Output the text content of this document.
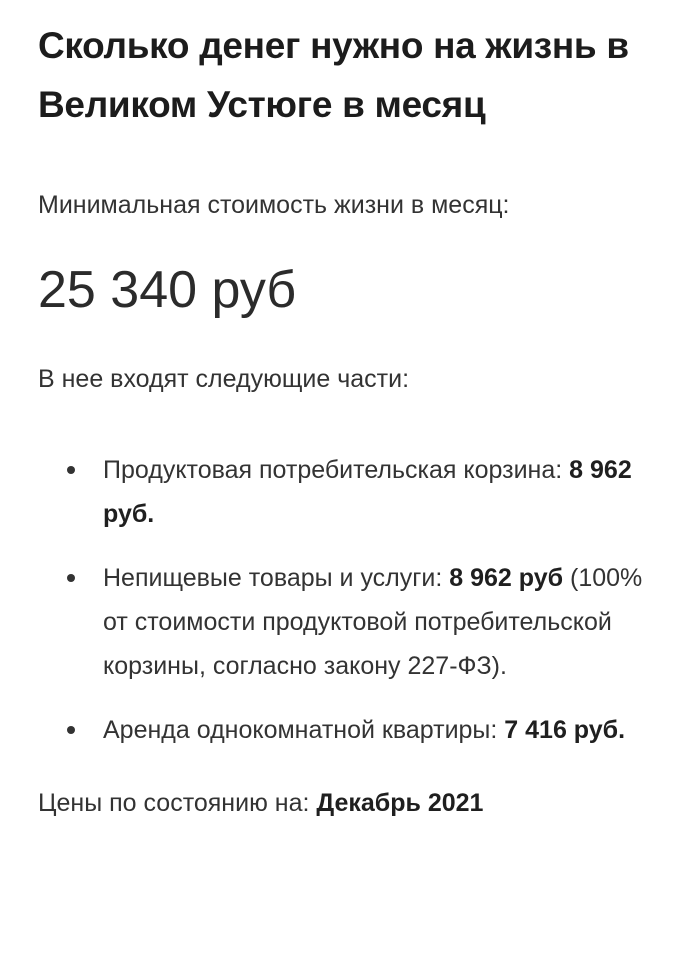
Сколько денег нужно на жизнь в Великом Устюге в месяц

Минимальная стоимость жизни в месяц:

25 340 руб

В нее входят следующие части:

Продуктовая потребительская корзина: 8 962 руб.
Непищевые товары и услуги: 8 962 руб (100% от стоимости продуктовой потребительской корзины, согласно закону 227-ФЗ).
Аренда однокомнатной квартиры: 7 416 руб.

Цены по состоянию на: Декабрь 2021
